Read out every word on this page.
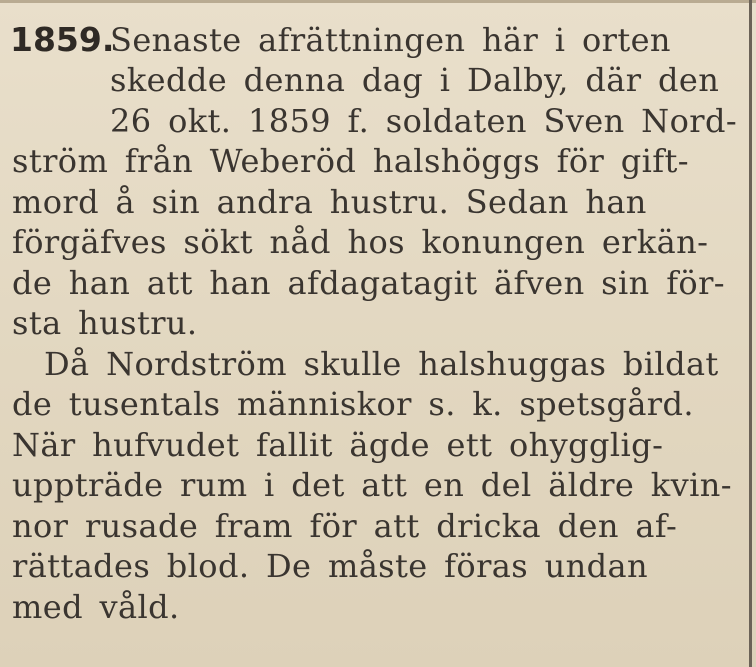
1859.
Senaste afrättningen här i orten
skedde denna dag i Dalby, där den
26 okt. 1859 f. soldaten Sven Nord-
ström från Weberöd halshöggs för gift-
mord å sin andra hustru. Sedan han
förgäfves sökt nåd hos konungen erkän-
de han att han afdagatagit äfven sin för-
sta hustru.
Då Nordström skulle halshuggas bildat
de tusentals människor s. k. spetsgård.
När hufvudet fallit ägde ett ohygglig-
uppträde rum i det att en del äldre kvin-
nor rusade fram för att dricka den af-
rättades blod. De måste föras undan
med våld.
